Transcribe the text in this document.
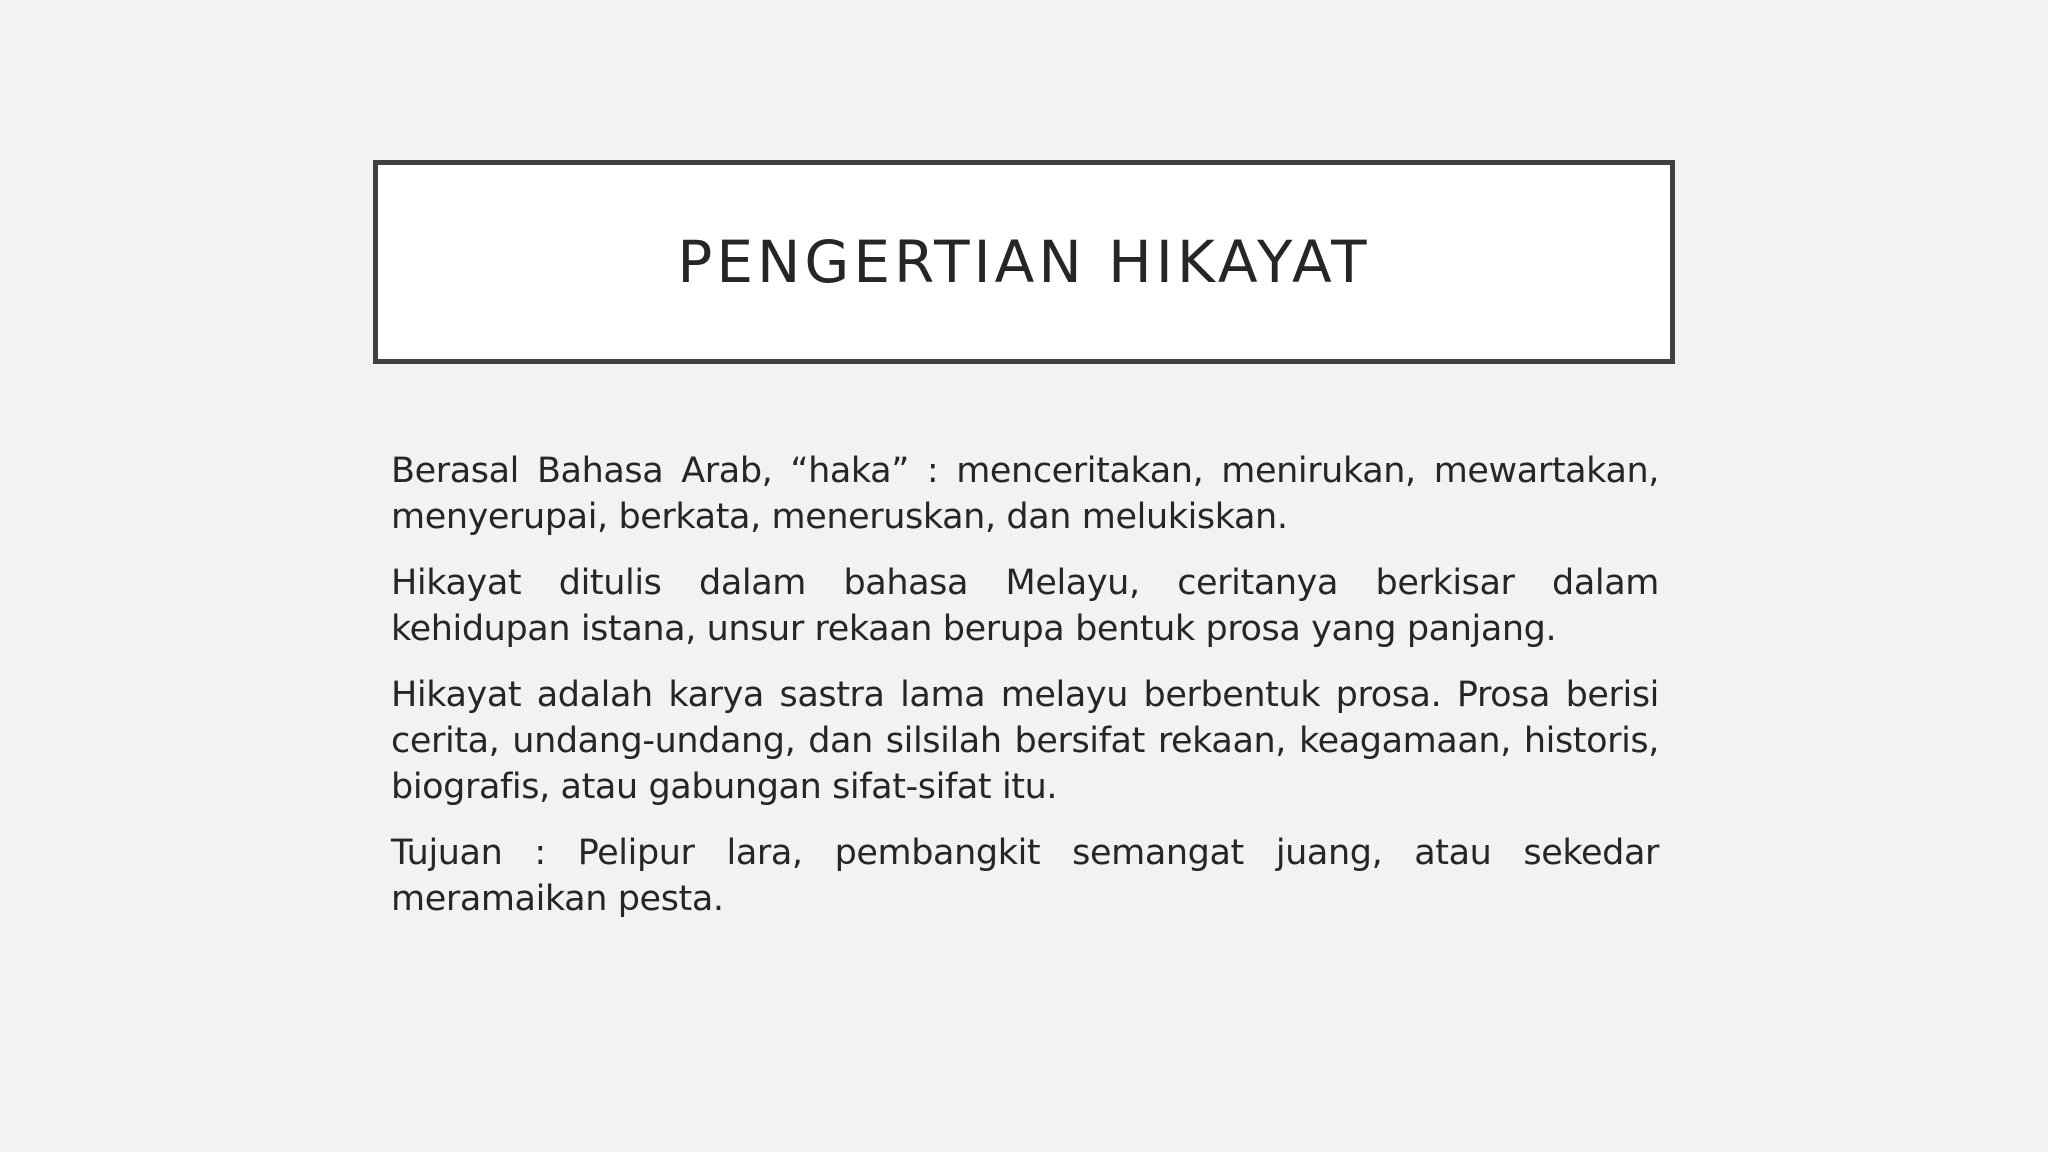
PENGERTIAN HIKAYAT

Berasal Bahasa Arab, “haka” : menceritakan, menirukan, mewartakan, menyerupai, berkata, meneruskan, dan melukiskan.

Hikayat ditulis dalam bahasa Melayu, ceritanya berkisar dalam kehidupan istana, unsur rekaan berupa bentuk prosa yang panjang.

Hikayat adalah karya sastra lama melayu berbentuk prosa. Prosa berisi cerita, undang-undang, dan silsilah bersifat rekaan, keagamaan, historis, biografis, atau gabungan sifat-sifat itu.

Tujuan : Pelipur lara, pembangkit semangat juang, atau sekedar meramaikan pesta.
